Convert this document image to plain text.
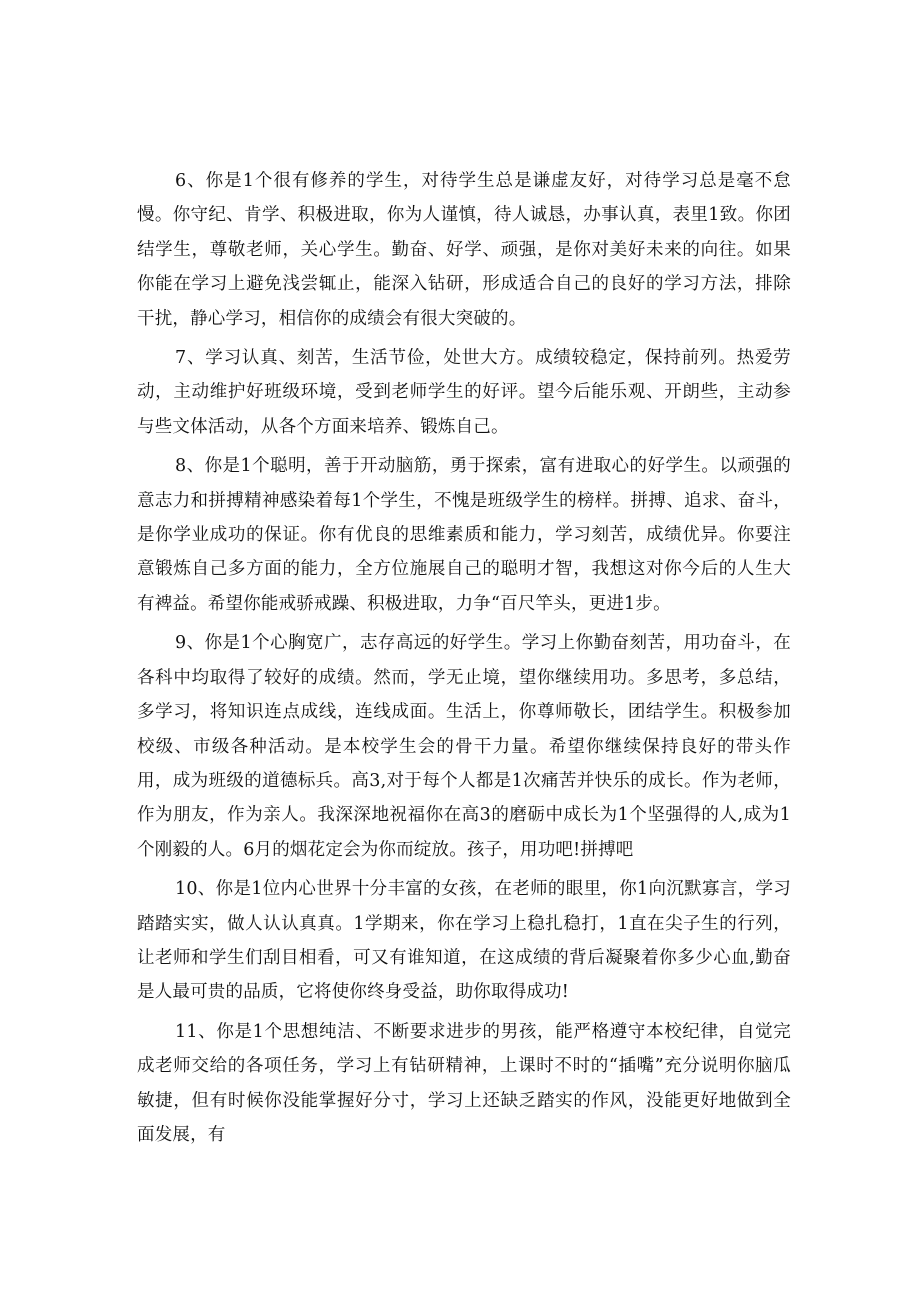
6、你是1个很有修养的学生，对待学生总是谦虚友好，对待学习总是毫不怠慢。你守纪、肯学、积极进取，你为人谨慎，待人诚恳，办事认真，表里1致。你团结学生，尊敬老师，关心学生。勤奋、好学、顽强，是你对美好未来的向往。如果你能在学习上避免浅尝辄止，能深入钻研，形成适合自己的良好的学习方法，排除干扰，静心学习，相信你的成绩会有很大突破的。

7、学习认真、刻苦，生活节俭，处世大方。成绩较稳定，保持前列。热爱劳动，主动维护好班级环境，受到老师学生的好评。望今后能乐观、开朗些，主动参与些文体活动，从各个方面来培养、锻炼自己。

8、你是1个聪明，善于开动脑筋，勇于探索，富有进取心的好学生。以顽强的意志力和拼搏精神感染着每1个学生，不愧是班级学生的榜样。拼搏、追求、奋斗，是你学业成功的保证。你有优良的思维素质和能力，学习刻苦，成绩优异。你要注意锻炼自己多方面的能力，全方位施展自己的聪明才智，我想这对你今后的人生大有裨益。希望你能戒骄戒躁、积极进取，力争“百尺竿头，更进1步。

9、你是1个心胸宽广，志存高远的好学生。学习上你勤奋刻苦，用功奋斗，在各科中均取得了较好的成绩。然而，学无止境，望你继续用功。多思考，多总结，多学习，将知识连点成线，连线成面。生活上，你尊师敬长，团结学生。积极参加校级、市级各种活动。是本校学生会的骨干力量。希望你继续保持良好的带头作用，成为班级的道德标兵。高3,对于每个人都是1次痛苦并快乐的成长。作为老师，作为朋友，作为亲人。我深深地祝福你在高3的磨砺中成长为1个坚强得的人,成为1个刚毅的人。6月的烟花定会为你而绽放。孩子，用功吧!拼搏吧

10、你是1位内心世界十分丰富的女孩，在老师的眼里，你1向沉默寡言，学习踏踏实实，做人认认真真。1学期来，你在学习上稳扎稳打，1直在尖子生的行列，让老师和学生们刮目相看，可又有谁知道，在这成绩的背后凝聚着你多少心血,勤奋是人最可贵的品质，它将使你终身受益，助你取得成功!

11、你是1个思想纯洁、不断要求进步的男孩，能严格遵守本校纪律，自觉完成老师交给的各项任务，学习上有钻研精神，上课时不时的“插嘴”充分说明你脑瓜敏捷，但有时候你没能掌握好分寸，学习上还缺乏踏实的作风，没能更好地做到全面发展，有
